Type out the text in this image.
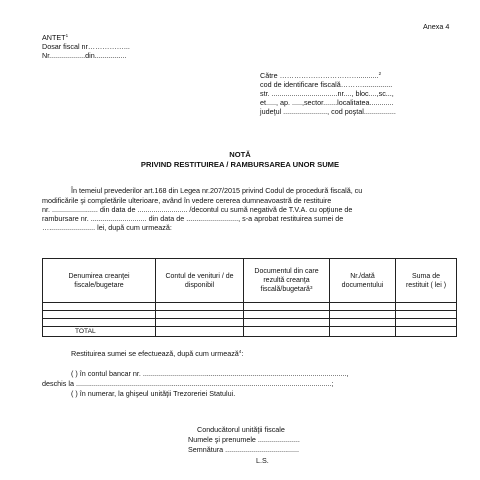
Anexa 4
ANTET$^1$
Dosar fiscal nr……………...
Nr..................din................
Către ……………………………..........$^2$
cod de identificare fiscală………...............
str. .................................nr...., bloc....,sc...,
et....., ap. .....,sector.......localitatea............
judeţul ......................, cod poştal................
NOTĂ
PRIVIND RESTITUIREA / RAMBURSAREA UNOR SUME
În temeiul prevederilor art.168 din Legea nr.207/2015 privind Codul de procedură fiscală, cu
modificările şi completările ulterioare, având în vedere cererea dumneavoastră de restituire
nr. ....................... din data de ......................... /decontul cu sumă negativă de T.V.A. cu opţiune de
rambursare nr. ............................ din data de .........................., s-a aprobat restituirea sumei de
…....................... lei, după cum urmează:
Denumirea creanţei fiscale/bugetare	Contul de venituri / de disponibil	Documentul din care rezultă creanţa fiscală/bugetară$^3$	Nr./dată documentului	Suma de restituit ( lei )

TOTAL				
Restituirea sumei se efectuează, după cum urmează$^4$:
( ) în contul bancar nr. ......................................................................................................,
deschis la ................................................................................................................................;
( ) în numerar, la ghişeul unităţii Trezoreriei Statului.
Conducătorul unităţii fiscale
Numele şi prenumele .....................
Semnătura .....................................
L.S.
